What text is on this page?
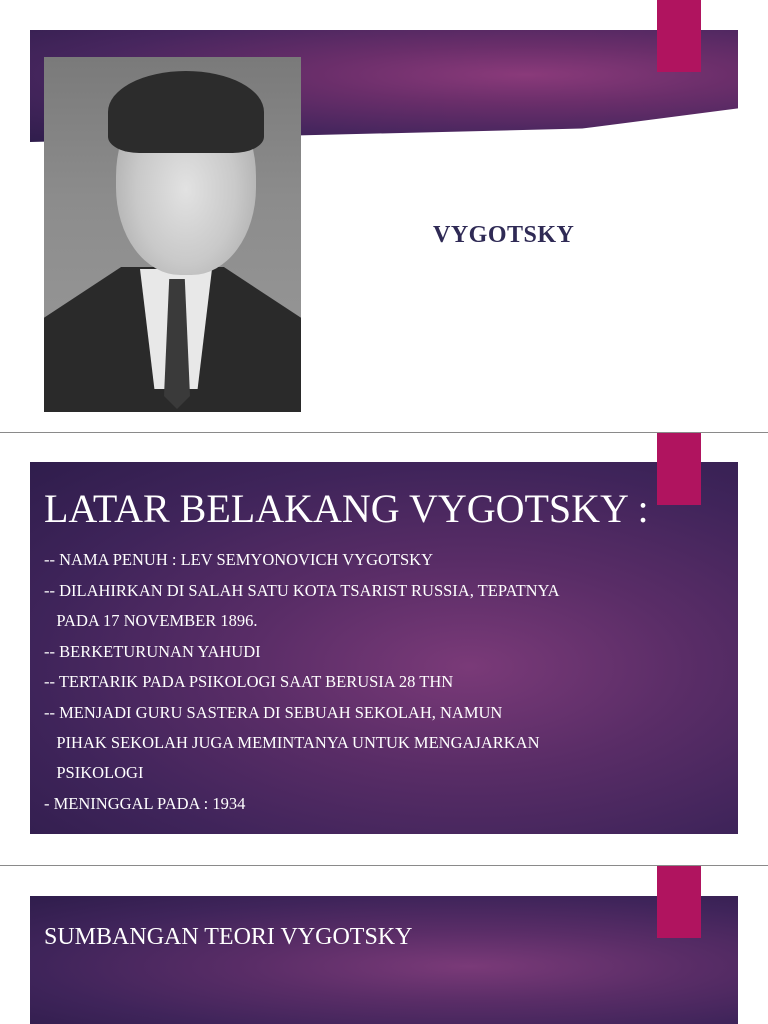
VYGOTSKY
LATAR BELAKANG VYGOTSKY :
-- NAMA PENUH : LEV SEMYONOVICH VYGOTSKY
-- DILAHIRKAN DI SALAH SATU KOTA TSARIST RUSSIA, TEPATNYA
PADA 17 NOVEMBER 1896.
-- BERKETURUNAN YAHUDI
-- TERTARIK PADA PSIKOLOGI SAAT BERUSIA 28 THN
-- MENJADI GURU SASTERA DI SEBUAH SEKOLAH, NAMUN
PIHAK SEKOLAH JUGA MEMINTANYA UNTUK MENGAJARKAN
PSIKOLOGI
- MENINGGAL PADA : 1934
SUMBANGAN TEORI VYGOTSKY
